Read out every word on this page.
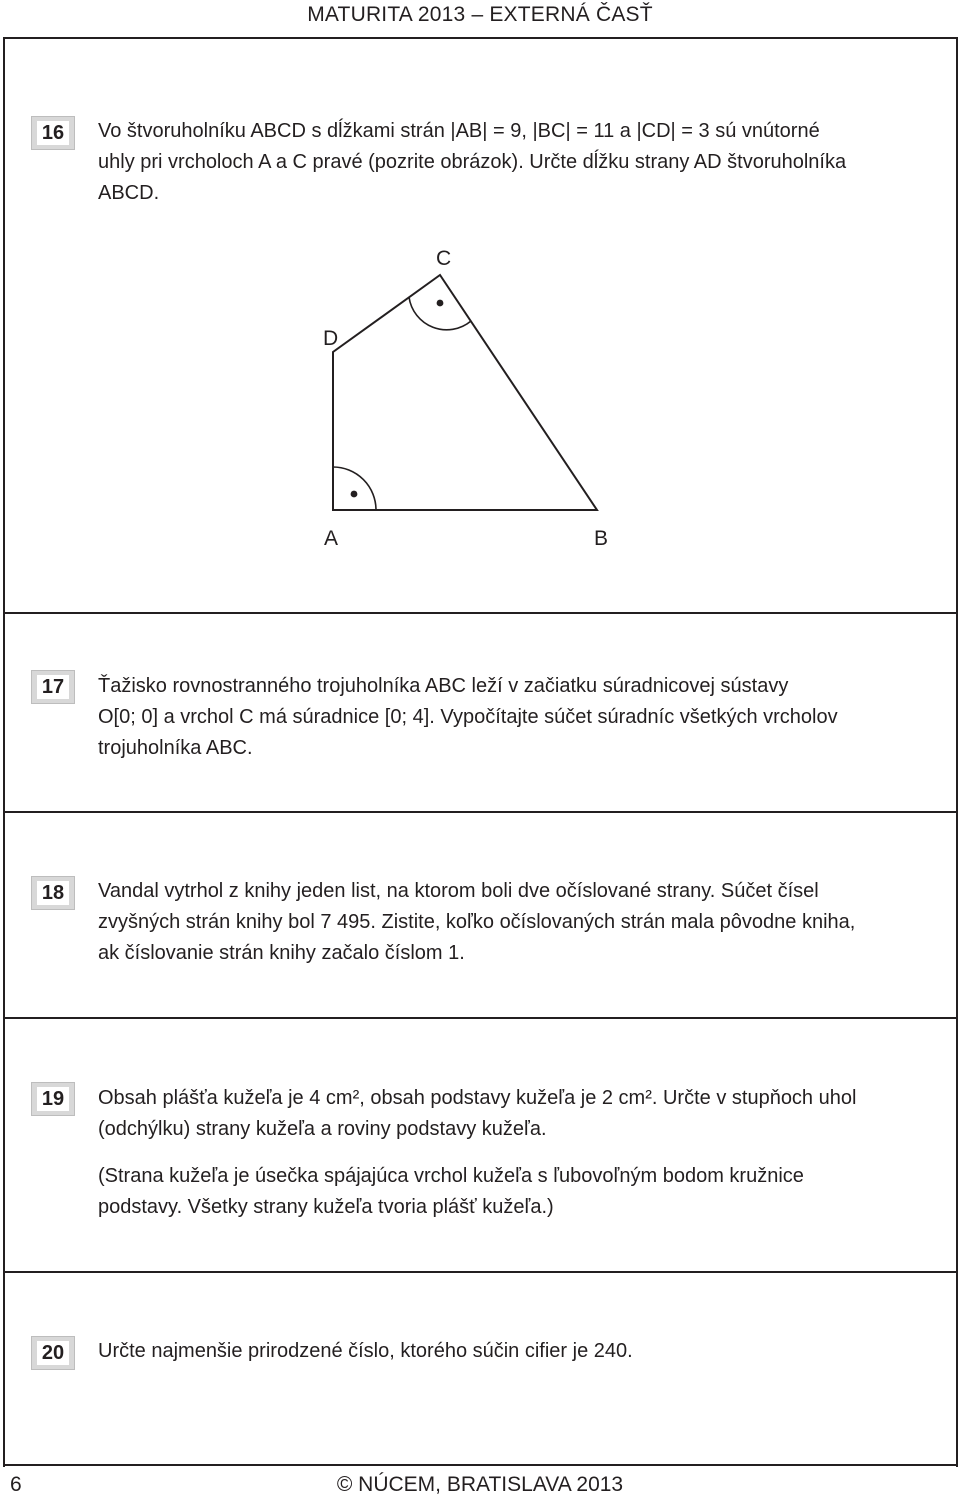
MATURITA 2013 – EXTERNÁ ČASŤ
16	Vo štvoruholníku ABCD s dĺžkami strán |AB| = 9, |BC| = 11 a |CD| = 3 sú vnútorné

uhly pri vrcholoch A a C pravé (pozrite obrázok). Určte dĺžku strany AD štvoruholníka

ABCD.

A	B
C
D
17	Ťažisko rovnostranného trojuholníka ABC leží v začiatku súradnicovej sústavy

O[0; 0] a vrchol C má súradnice [0; 4]. Vypočítajte súčet súradníc všetkých vrcholov

trojuholníka ABC.

18	Vandal vytrhol z knihy jeden list, na ktorom boli dve očíslované strany. Súčet čísel

zvyšných strán knihy bol 7 495. Zistite, koľko očíslovaných strán mala pôvodne kniha,

ak číslovanie strán knihy začalo číslom 1.

19	Obsah plášťa kužeľa je 4 cm², obsah podstavy kužeľa je 2 cm². Určte v stupňoch uhol

(odchýlku) strany kužeľa a roviny podstavy kužeľa.

(Strana kužeľa je úsečka spájajúca vrchol kužeľa s ľubovoľným bodom kružnice

podstavy. Všetky strany kužeľa tvoria plášť kužeľa.)

20	Určte najmenšie prirodzené číslo, ktorého súčin cifier je 240.

© NÚCEM, BRATISLAVA 2013
6
